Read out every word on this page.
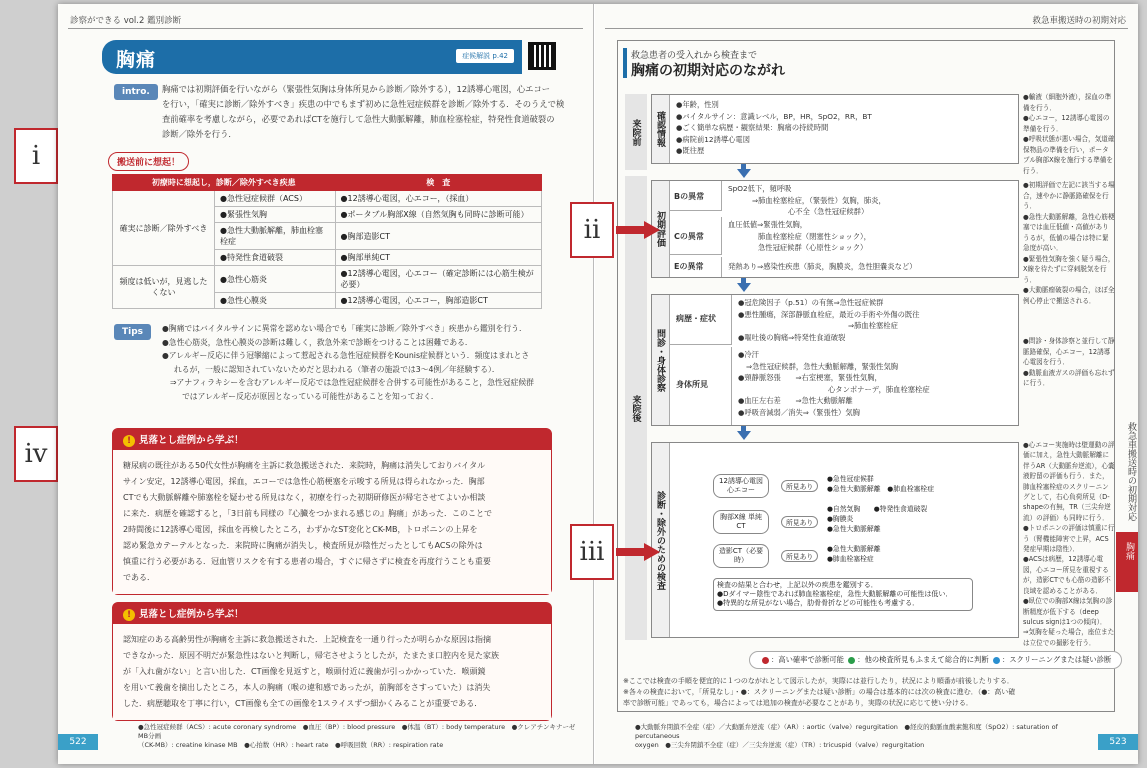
i
iv
診察ができる vol.2 鑑別診断
胸痛	症候解説 p.42
intro.	胸痛では初期評価を行いながら（緊張性気胸は身体所見から診断／除外する），12誘導心電図，心エコー
を行い，「確実に診断／除外すべき」疾患の中でもまず初めに急性冠症候群を診断／除外する．そのうえで検
査前確率を考慮しながら，必要であればCTを施行して急性大動脈解離，肺血栓塞栓症，特発性食道破裂の
診断／除外を行う．
搬送前に想起！
初療時に想起し，診断／除外すべき疾患		検　査
確実に診断／除外すべき	●急性冠症候群（ACS）	●12誘導心電図，心エコー，（採血）
	●緊張性気胸	●ポータブル胸部X線（自然気胸も同時に診断可能）
	●急性大動脈解離，肺血栓塞栓症	●胸部造影CT
	●特発性食道破裂	●胸部単純CT
頻度は低いが，見逃したくない	●急性心筋炎	●12誘導心電図，心エコー（確定診断には心筋生検が必要）
	●急性心膜炎	●12誘導心電図，心エコー，胸部造影CT
Tips	●胸痛ではバイタルサインに異常を認めない場合でも「確実に診断／除外すべき」疾患から鑑別を行う．
●急性心筋炎，急性心膜炎の診断は難しく，救急外来で診断をつけることは困難である．
●アレルギー反応に伴う冠攣縮によって惹起される急性冠症候群をKounis症候群という．頻度はまれとさ
れるが，一般に認知されていないためだと思われる（筆者の施設では3～4例／年経験する）．
⇒アナフィラキシーを含むアレルギー反応では急性冠症候群を合併する可能性があること，急性冠症候群
ではアレルギー反応が原因となっている可能性があることを知っておく．
! 見落とし症例から学ぶ！
糖尿病の既往がある50代女性が胸痛を主訴に救急搬送された．来院時，胸痛は消失しておりバイタル
サイン安定，12誘導心電図，採血，エコーでは急性心筋梗塞を示唆する所見は得られなかった．胸部
CTでも大動脈解離や肺塞栓を疑わせる所見はなく，初療を行った初期研修医が帰宅させてよいか相談
に来た．病歴を確認すると，「3日前も同様の『心臓をつかまれる感じの』胸痛」があった．このことで
2時間後に12誘導心電図，採血を再検したところ，わずかなST変化とCK-MB，トロポニンの上昇を
認め緊急カテーテルとなった．来院時に胸痛が消失し，検査所見が陰性だったとしてもACSの除外は
慎重に行う必要がある．冠血管リスクを有する患者の場合，すぐに帰さずに検査を再度行うことも重要
である．
! 見落とし症例から学ぶ！
認知症のある高齢男性が胸痛を主訴に救急搬送された．上記検査を一通り行ったが明らかな原因は指摘
できなかった．原因不明だが緊急性はないと判断し，帰宅させようとしたが，たまたま口腔内を見た家族
が「入れ歯がない」と言い出した．CT画像を見返すと，喉頭付近に義歯が引っかかっていた．喉頭鏡
を用いて義歯を摘出したところ，本人の胸痛（喉の違和感であったが，前胸部をさすっていた）は消失
した．病歴聴取を丁寧に行い，CT画像も全ての画像を1スライスずつ細かくみることが重要である．
●急性冠症候群（ACS）: acute coronary syndrome　●血圧（BP）: blood pressure　●体温（BT）: body temperature　●クレアチンキナーゼMB分画
（CK-MB）: creatine kinase MB　●心拍数（HR）: heart rate　●呼吸回数（RR）: respiration rate
522
救急車搬送時の初期対応
救急患者の受入れから検査まで
胸痛の初期対応のながれ
来院前
来院後
確認情報
●年齢，性別
●バイタルサイン：意識レベル，BP，HR，SpO2，RR，BT
●ごく簡単な病歴・観察結果：胸痛の持続時間
●病院前12誘導心電図
●既往歴
●輸液（細胞外液），採血の準備を行う．
●心エコー，12誘導心電図の準備を行う．
●呼吸状態が悪い場合，気道確保物品の準備を行い，ポータブル胸部X線を施行する準備を行う．
初期評価
Bの異常
SpO2低下，頻呼吸
⇒肺血栓塞栓症，（緊張性）気胸，肺炎，
心不全（急性冠症候群）
Cの異常
血圧低値⇒緊張性気胸，
肺血栓塞栓症（閉塞性ショック），
急性冠症候群（心原性ショック）
Eの異常	発熱あり⇒感染性疾患（肺炎，胸膜炎，急性胆嚢炎など）
●初期評価で左記に該当する場合，速やかに静脈路確保を行う．
●急性大動脈解離，急性心筋梗塞では血圧低値・高値がありうるが，低値の場合は特に緊急度が高い．
●緊張性気胸を強く疑う場合，X線を待たずに穿刺脱気を行う．
●大動脈瘤破裂の場合，ほぼ全例心停止で搬送される．
問診・身体診察
病歴・症状
●冠危険因子（p.51）の有無⇒急性冠症候群
●悪性腫瘍，深部静脈血栓症，最近の手術や外傷の既往
⇒肺血栓塞栓症
●嘔吐後の胸痛⇒特発性食道破裂
身体所見
●冷汗
⇒急性冠症候群，急性大動脈解離，緊張性気胸
●頸静脈怒張　　⇒右室梗塞，緊張性気胸，
心タンポナーデ，肺血栓塞栓症
●血圧左右差　　⇒急性大動脈解離
●呼吸音減弱／消失⇒（緊張性）気胸
●問診・身体診察と並行して静脈路確保，心エコー，12誘導心電図を行う．
●動脈血液ガスの評価も忘れずに行う．
診断・除外のための検査
12誘導心電図 心エコー	所見あり
●急性冠症候群
●急性大動脈解離　●肺血栓塞栓症
胸部X線 単純CT	所見あり
●自然気胸　　●特発性食道破裂
●胸膜炎
●急性大動脈解離
造影CT（必要時）	所見あり
●急性大動脈解離
●肺血栓塞栓症
検査の結果と合わせ，上記以外の疾患を鑑別する．
●Dダイマー陰性であれば肺血栓塞栓症，急性大動脈解離の可能性は低い．
●特異的な所見がない場合，肋骨骨折などの可能性も考慮する．
●心エコー実施時は壁運動の評価に加え，急性大動脈解離に伴うAR（大動脈弁逆流），心嚢液貯留の評価も行う．また，肺血栓塞栓症のスクリーニングとして，右心負荷所見（D-shapeの有無，TR（三尖弁逆流）の評価）も同時に行う．
●トロポニンの評価は慎重に行う（腎機能障害で上昇，ACS発症早期は陰性）．
●ACSは病歴，12誘導心電図，心エコー所見を重視するが，造影CTでも心筋の造影不良域を認めることがある．
●臥位での胸部X線は気胸の診断精度が低下する（deep sulcus signは1つの傾向）．
⇒気胸を疑った場合，座位または立位での撮影を行う．
：高い確率で診断可能 ：他の検査所見もふまえて総合的に判断 ：スクリーニングまたは疑い診断
※ここでは検査の手順を便宜的に１つのながれとして図示したが，実際には並行したり，状況により順番が前後したりする．
※各々の検査において，「所見なし」・●：スクリーニングまたは疑い診断」の場合は基本的には次の検査に進む．（●：高い確
率で診断可能」であっても，場合によっては追加の検査が必要なことがあり，実際の状況に応じて使い分ける．
救急車搬送時の初期対応
胸痛
●大動脈弁閉鎖不全症（症）／大動脈弁逆流（症）（AR）: aortic（valve）regurgitation　●経皮的動脈血酸素飽和度（SpO2）: saturation of percutaneous
oxygen　●三尖弁閉鎖不全症（症）／三尖弁逆流（症）（TR）: tricuspid（valve）regurgitation	523
ii
iii
